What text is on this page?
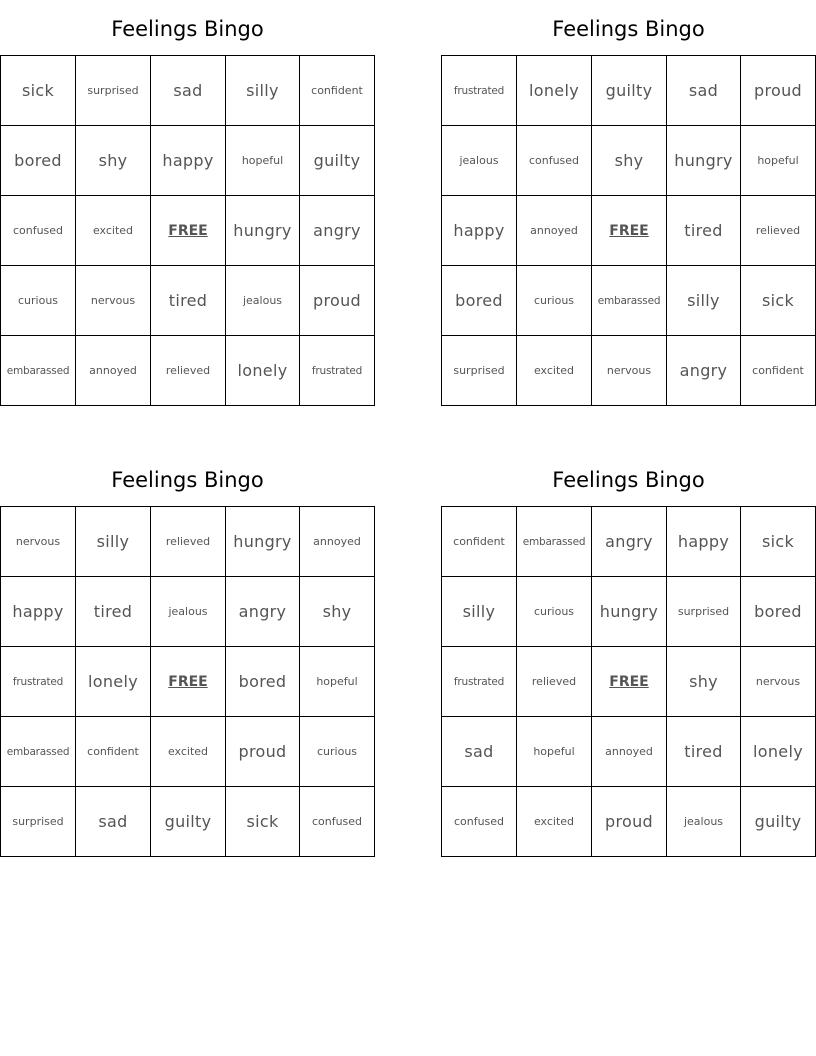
Feelings Bingo
sick	surprised sad	silly	confident
bored shy happy	hopeful guilty
confused	excited	FREE hungry angry
curious	nervous tired	jealous proud
embarassed annoyed	relieved lonely frustrated
Feelings Bingo
frustrated lonely guilty sad proud
jealous	confused shy hungry hopeful
happy annoyed FREE tired	relieved
bored	curious embarassed silly	sick
surprised	excited	nervous angry confident
Feelings Bingo
nervous silly	relieved hungry annoyed
happy tired	jealous angry shy
frustrated lonely FREE bored	hopeful
embarassed confident	excited proud	curious
surprised sad guilty sick	confused
Feelings Bingo
confident embarassed angry happy sick
silly	curious hungry surprised bored
frustrated	relieved FREE	shy	nervous
sad	hopeful	annoyed tired lonely
confused	excited proud	jealous guilty
